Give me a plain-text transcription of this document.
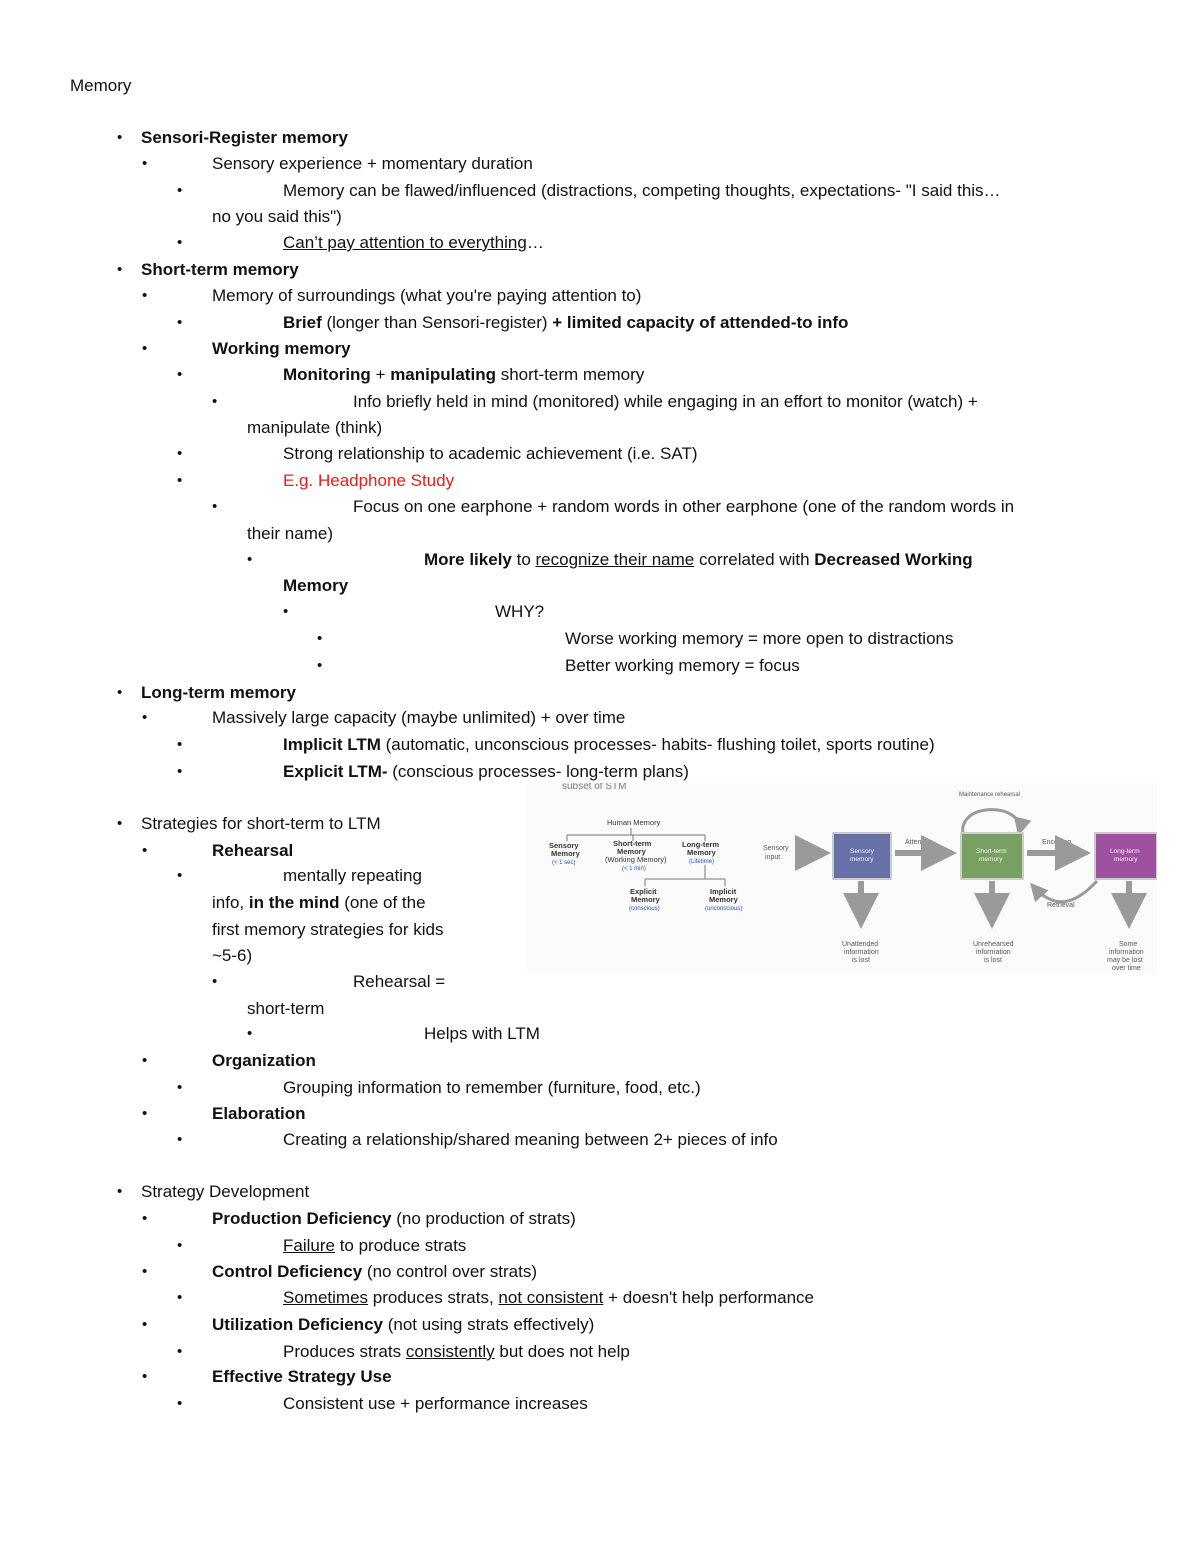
Memory
• Sensori-Register memory
•	Sensory experience + momentary duration
•	Memory can be flawed/influenced (distractions, competing thoughts, expectations- "I said this…
no you said this")
•	Can’t pay attention to everything…
• Short-term memory
•	Memory of surroundings (what you're paying attention to)
•	Brief (longer than Sensori-register) + limited capacity of attended-to info
•	Working memory
•	Monitoring + manipulating short-term memory
•	Info briefly held in mind (monitored) while engaging in an effort to monitor (watch) +
manipulate (think)
•	Strong relationship to academic achievement (i.e. SAT)
•	E.g. Headphone Study
•	Focus on one earphone + random words in other earphone (one of the random words in
their name)
•	More likely to recognize their name correlated with Decreased Working
Memory
•	WHY?
•	Worse working memory = more open to distractions
•	Better working memory = focus
• Long-term memory
•	Massively large capacity (maybe unlimited) + over time
•	Implicit LTM (automatic, unconscious processes- habits- flushing toilet, sports routine)
•	Explicit LTM- (conscious processes- long-term plans)
• Strategies for short-term to LTM
•	Rehearsal
•	mentally repeating
info, in the mind (one of the
first memory strategies for kids
~5-6)
•	Rehearsal =
short-term
•	Helps with LTM
•	Organization
•	Grouping information to remember (furniture, food, etc.)
•	Elaboration
•	Creating a relationship/shared meaning between 2+ pieces of info
• Strategy Development
•	Production Deficiency (no production of strats)
•	Failure to produce strats
•	Control Deficiency (no control over strats)
•	Sometimes produces strats, not consistent + doesn't help performance
•	Utilization Deficiency (not using strats effectively)
•	Produces strats consistently but does not help
•	Effective Strategy Use
•	Consistent use + performance increases
subset of STM
Human Memory
Sensory
Memory
(< 1 sec)
Short-term
Memory
(Working Memory)
(< 1 min)
Long-term
Memory
(Lifetime)
Explicit
Memory
(conscious)
Implicit
Memory
(unconscious)
Maintenance rehearsal
Sensory
input
Sensory
memory
Attention
Short-term
memory
Encoding
Long-term
memory
Retrieval
Unattended
information
is lost
Unrehearsed
information
is lost
Some
information
may be lost
over time
